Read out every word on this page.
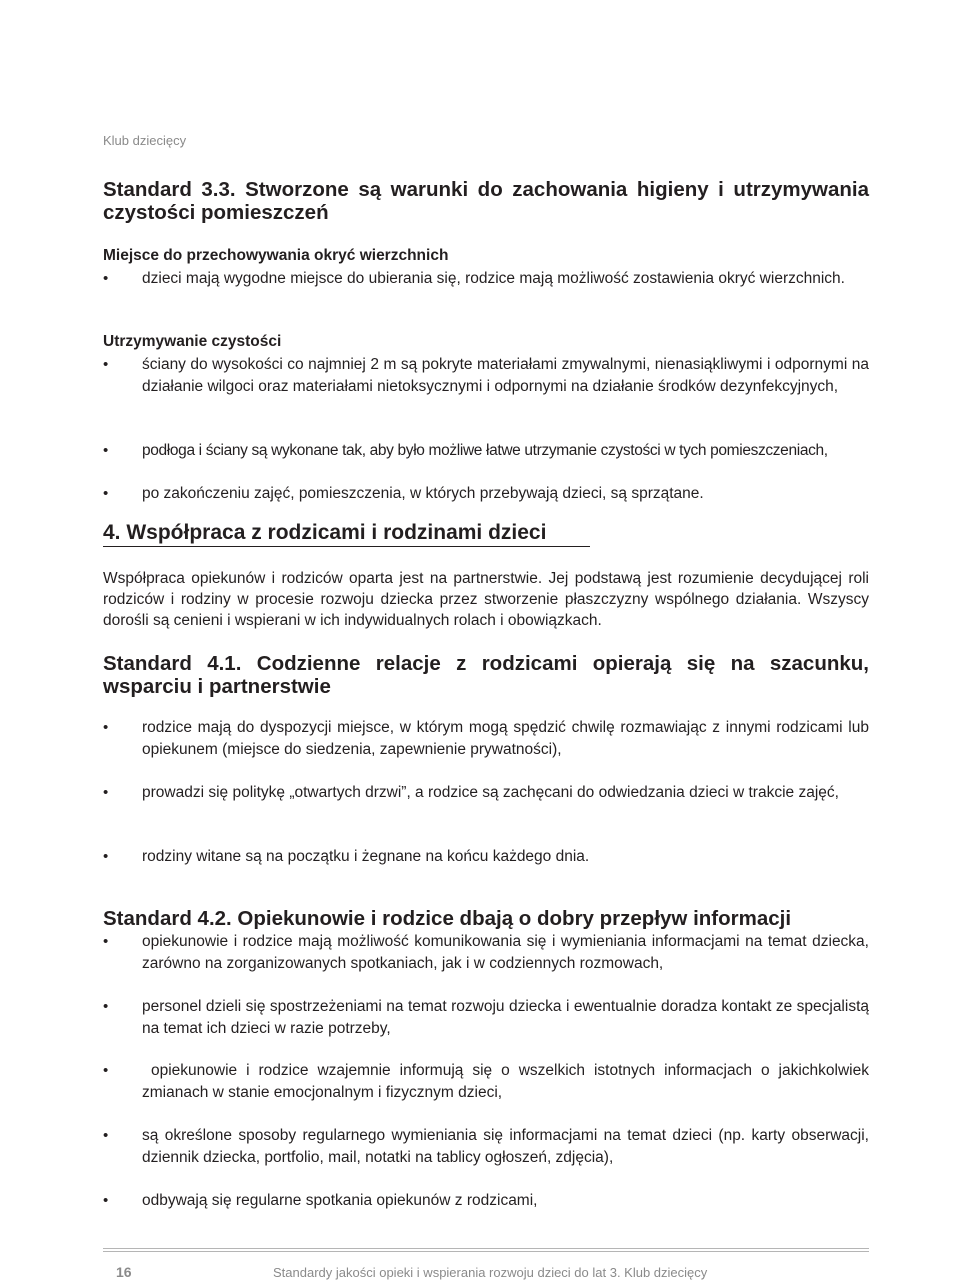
Klub dziecięcy
Standard 3.3. Stworzone są warunki do zachowania higieny i utrzymywania czystości pomieszczeń
Miejsce do przechowywania okryć wierzchnich
• dzieci mają wygodne miejsce do ubierania się, rodzice mają możliwość zostawienia okryć wierzchnich.
Utrzymywanie czystości
• ściany do wysokości co najmniej 2 m są pokryte materiałami zmywalnymi, nienasiąkliwymi i odpornymi na działanie wilgoci oraz materiałami nietoksycznymi i odpornymi na działanie środków dezynfekcyjnych,
• podłoga i ściany są wykonane tak, aby było możliwe łatwe utrzymanie czystości w tych pomieszczeniach,
• po zakończeniu zajęć, pomieszczenia, w których przebywają dzieci, są sprzątane.
4. Współpraca z rodzicami i rodzinami dzieci

Współpraca opiekunów i rodziców oparta jest na partnerstwie. Jej podstawą jest rozumienie decydującej roli rodziców i rodziny w procesie rozwoju dziecka przez stworzenie płaszczyzny wspólnego działania. Wszyscy dorośli są cenieni i wspierani w ich indywidualnych rolach i obowiązkach.

Standard 4.1. Codzienne relacje z rodzicami opierają się na szacunku, wsparciu i partnerstwie
• rodzice mają do dyspozycji miejsce, w którym mogą spędzić chwilę rozmawiając z innymi rodzicami lub opiekunem (miejsce do siedzenia, zapewnienie prywatności),
• prowadzi się politykę „otwartych drzwi”, a rodzice są zachęcani do odwiedzania dzieci w trakcie zajęć,
• rodziny witane są na początku i żegnane na końcu każdego dnia.
Standard 4.2. Opiekunowie i rodzice dbają o dobry przepływ informacji
• opiekunowie i rodzice mają możliwość komunikowania się i wymieniania informacjami na temat dziecka, zarówno na zorganizowanych spotkaniach, jak i w codziennych rozmowach,
• personel dzieli się spostrzeżeniami na temat rozwoju dziecka i ewentualnie doradza kontakt ze specjalistą na temat ich dzieci w razie potrzeby,
• opiekunowie i rodzice wzajemnie informują się o wszelkich istotnych informacjach o jakichkolwiek zmianach w stanie emocjonalnym i fizycznym dzieci,
• są określone sposoby regularnego wymieniania się informacjami na temat dzieci (np. karty obserwacji, dziennik dziecka, portfolio, mail, notatki na tablicy ogłoszeń, zdjęcia),
• odbywają się regularne spotkania opiekunów z rodzicami,
16	Standardy jakości opieki i wspierania rozwoju dzieci do lat 3. Klub dziecięcy
